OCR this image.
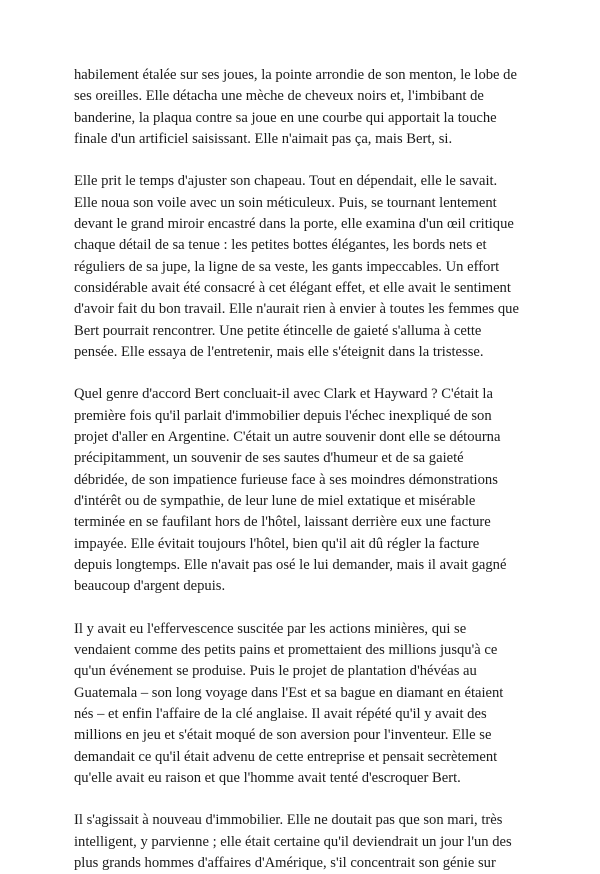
habilement étalée sur ses joues, la pointe arrondie de son menton, le lobe de
ses oreilles. Elle détacha une mèche de cheveux noirs et, l'imbibant de
banderine, la plaqua contre sa joue en une courbe qui apportait la touche
finale d'un artificiel saisissant. Elle n'aimait pas ça, mais Bert, si.

Elle prit le temps d'ajuster son chapeau. Tout en dépendait, elle le savait.
Elle noua son voile avec un soin méticuleux. Puis, se tournant lentement
devant le grand miroir encastré dans la porte, elle examina d'un œil critique
chaque détail de sa tenue : les petites bottes élégantes, les bords nets et
réguliers de sa jupe, la ligne de sa veste, les gants impeccables. Un effort
considérable avait été consacré à cet élégant effet, et elle avait le sentiment
d'avoir fait du bon travail. Elle n'aurait rien à envier à toutes les femmes que
Bert pourrait rencontrer. Une petite étincelle de gaieté s'alluma à cette
pensée. Elle essaya de l'entretenir, mais elle s'éteignit dans la tristesse.

Quel genre d'accord Bert concluait-il avec Clark et Hayward ? C'était la
première fois qu'il parlait d'immobilier depuis l'échec inexpliqué de son
projet d'aller en Argentine. C'était un autre souvenir dont elle se détourna
précipitamment, un souvenir de ses sautes d'humeur et de sa gaieté
débridée, de son impatience furieuse face à ses moindres démonstrations
d'intérêt ou de sympathie, de leur lune de miel extatique et misérable
terminée en se faufilant hors de l'hôtel, laissant derrière eux une facture
impayée. Elle évitait toujours l'hôtel, bien qu'il ait dû régler la facture
depuis longtemps. Elle n'avait pas osé le lui demander, mais il avait gagné
beaucoup d'argent depuis.

Il y avait eu l'effervescence suscitée par les actions minières, qui se
vendaient comme des petits pains et promettaient des millions jusqu'à ce
qu'un événement se produise. Puis le projet de plantation d'hévéas au
Guatemala – son long voyage dans l'Est et sa bague en diamant en étaient
nés – et enfin l'affaire de la clé anglaise. Il avait répété qu'il y avait des
millions en jeu et s'était moqué de son aversion pour l'inventeur. Elle se
demandait ce qu'il était advenu de cette entreprise et pensait secrètement
qu'elle avait eu raison et que l'homme avait tenté d'escroquer Bert.

Il s'agissait à nouveau d'immobilier. Elle ne doutait pas que son mari, très
intelligent, y parvienne ; elle était certaine qu'il deviendrait un jour l'un des
plus grands hommes d'affaires d'Amérique, s'il concentrait son génie sur
